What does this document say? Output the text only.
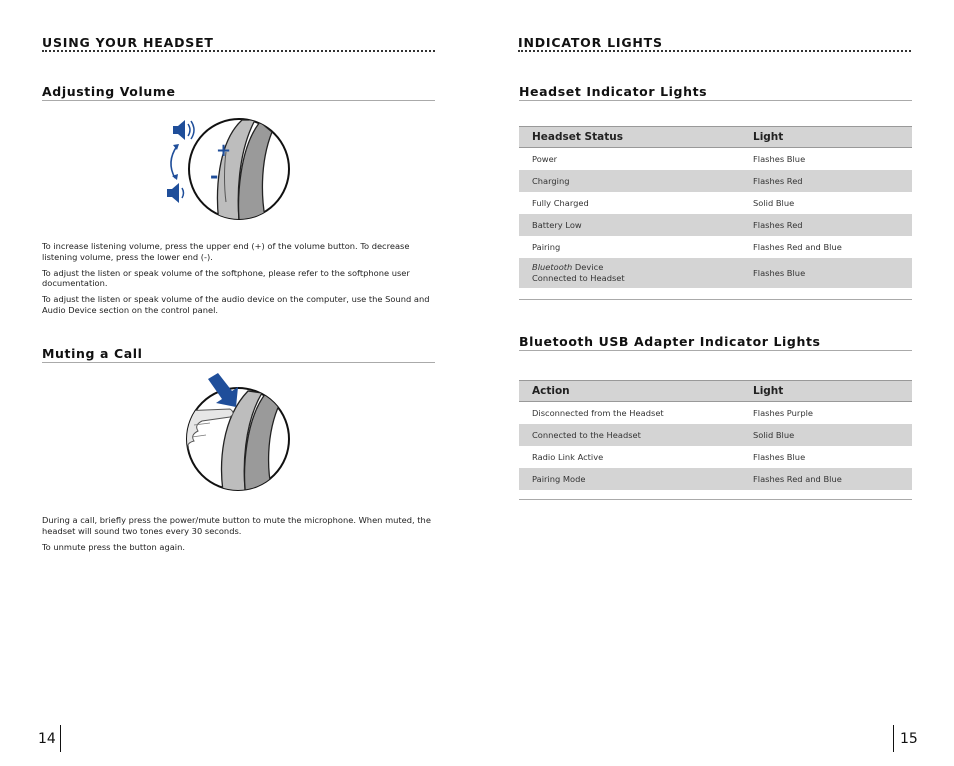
USING YOUR HEADSET
Adjusting Volume
+
-

To increase listening volume, press the upper end (+) of the volume button. To decrease listening volume, press the lower end (-).

To adjust the listen or speak volume of the softphone, please refer to the softphone user documentation.

To adjust the listen or speak volume of the audio device on the computer, use the Sound and Audio Device section on the control panel.

Muting a Call

During a call, briefly press the power/mute button to mute the microphone. When muted, the headset will sound two tones every 30 seconds.

To unmute press the button again.

14
INDICATOR LIGHTS
Headset Indicator Lights
Headset Status	Light
Power	Flashes Blue
Charging	Flashes Red
Fully Charged	Solid Blue
Battery Low	Flashes Red
Pairing	Flashes Red and Blue
Bluetooth Device
Connected to Headset	Flashes Blue
Bluetooth USB Adapter Indicator Lights
Action	Light
Disconnected from the Headset	Flashes Purple
Connected to the Headset	Solid Blue
Radio Link Active	Flashes Blue
Pairing Mode	Flashes Red and Blue
15
